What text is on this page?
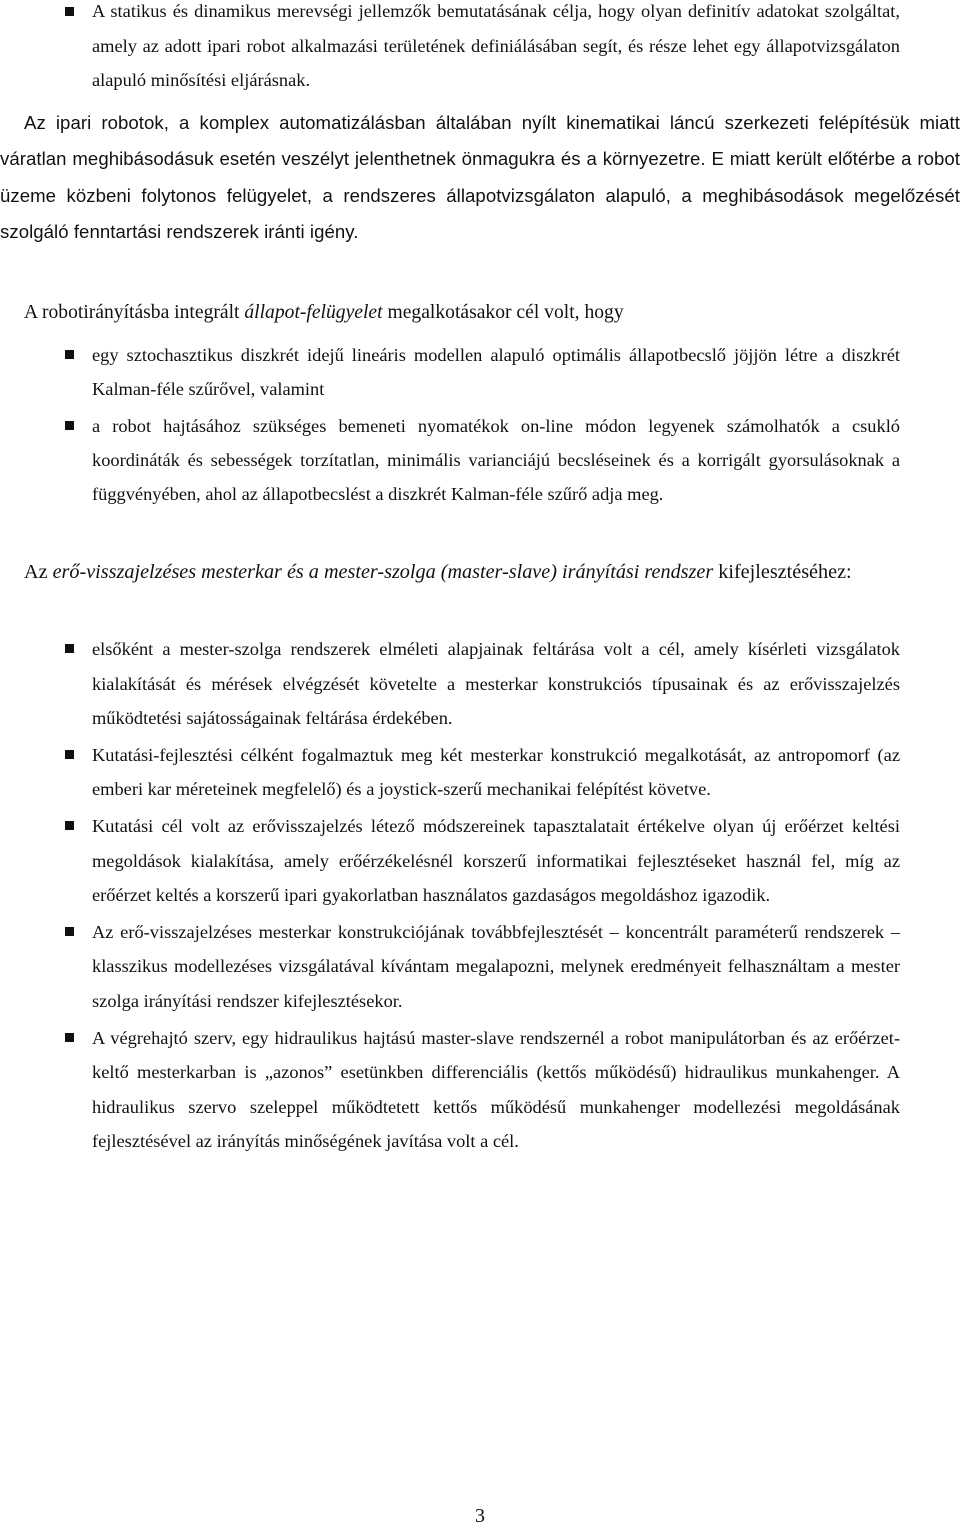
A statikus és dinamikus merevségi jellemzők bemutatásának célja, hogy olyan definitív adatokat szolgáltat, amely az adott ipari robot alkalmazási területének definiálásában segít, és része lehet egy állapotvizsgálaton alapuló minősítési eljárásnak.

Az ipari robotok, a komplex automatizálásban általában nyílt kinematikai láncú szerkezeti felépítésük miatt váratlan meghibásodásuk esetén veszélyt jelenthetnek önmagukra és a környezetre. E miatt került előtérbe a robot üzeme közbeni folytonos felügyelet, a rendszeres állapotvizsgálaton alapuló, a meghibásodások megelőzését szolgáló fenntartási rendszerek iránti igény.

A robotirányításba integrált állapot-felügyelet megalkotásakor cél volt, hogy

egy sztochasztikus diszkrét idejű lineáris modellen alapuló optimális állapotbecslő jöjjön létre a diszkrét Kalman-féle szűrővel, valamint
a robot hajtásához szükséges bemeneti nyomatékok on-line módon legyenek számolhatók a csukló koordináták és sebességek torzítatlan, minimális varianciájú becsléseinek és a korrigált gyorsulásoknak a függvényében, ahol az állapotbecslést a diszkrét Kalman-féle szűrő adja meg.

Az erő-visszajelzéses mesterkar és a mester-szolga (master-slave) irányítási rendszer kifejlesztéséhez:

elsőként a mester-szolga rendszerek elméleti alapjainak feltárása volt a cél, amely kísérleti vizsgálatok kialakítását és mérések elvégzését követelte a mesterkar konstrukciós típusainak és az erővisszajelzés működtetési sajátosságainak feltárása érdekében.
Kutatási-fejlesztési célként fogalmaztuk meg két mesterkar konstrukció megalkotását, az antropomorf (az emberi kar méreteinek megfelelő) és a joystick-szerű mechanikai felépítést követve.
Kutatási cél volt az erővisszajelzés létező módszereinek tapasztalatait értékelve olyan új erőérzet keltési megoldások kialakítása, amely erőérzékelésnél korszerű informatikai fejlesztéseket használ fel, míg az erőérzet keltés a korszerű ipari gyakorlatban használatos gazdaságos megoldáshoz igazodik.
Az erő-visszajelzéses mesterkar konstrukciójának továbbfejlesztését – koncentrált paraméterű rendszerek – klasszikus modellezéses vizsgálatával kívántam megalapozni, melynek eredményeit felhasználtam a mester szolga irányítási rendszer kifejlesztésekor.
A végrehajtó szerv, egy hidraulikus hajtású master-slave rendszernél a robot manipulátorban és az erőérzet-keltő mesterkarban is „azonos” esetünkben differenciális (kettős működésű) hidraulikus munkahenger. A hidraulikus szervo szeleppel működtetett kettős működésű munkahenger modellezési megoldásának fejlesztésével az irányítás minőségének javítása volt a cél.
3
